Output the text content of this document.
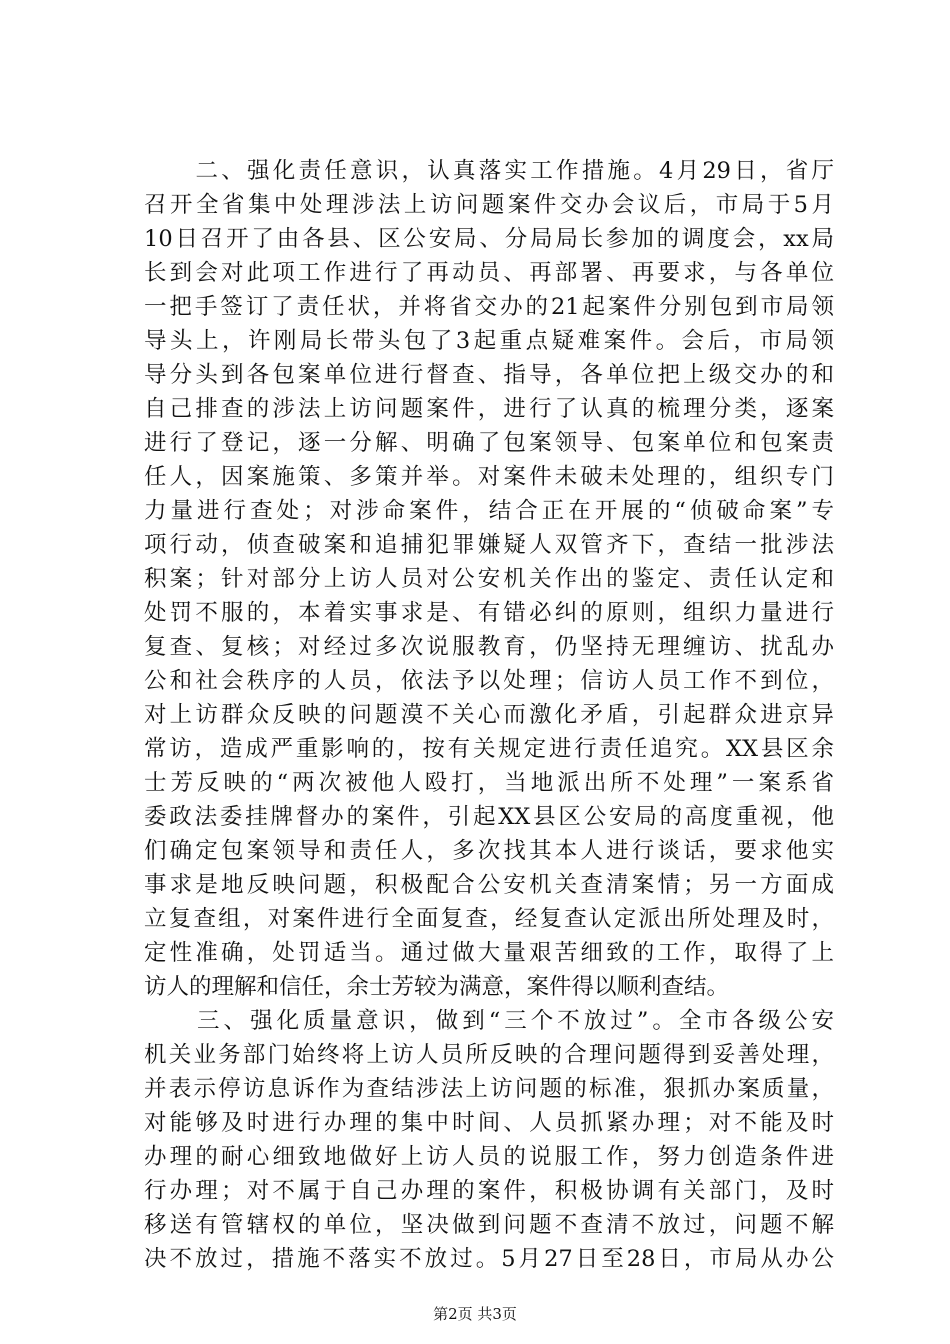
　　二、强化责任意识，认真落实工作措施。4月29日，省厅
召开全省集中处理涉法上访问题案件交办会议后，市局于5月
10日召开了由各县、区公安局、分局局长参加的调度会，xx局
长到会对此项工作进行了再动员、再部署、再要求，与各单位
一把手签订了责任状，并将省交办的21起案件分别包到市局领
导头上，许刚局长带头包了3起重点疑难案件。会后，市局领
导分头到各包案单位进行督查、指导，各单位把上级交办的和
自己排查的涉法上访问题案件，进行了认真的梳理分类，逐案
进行了登记，逐一分解、明确了包案领导、包案单位和包案责
任人，因案施策、多策并举。对案件未破未处理的，组织专门
力量进行查处；对涉命案件，结合正在开展的“侦破命案”专
项行动，侦查破案和追捕犯罪嫌疑人双管齐下，查结一批涉法
积案；针对部分上访人员对公安机关作出的鉴定、责任认定和
处罚不服的，本着实事求是、有错必纠的原则，组织力量进行
复查、复核；对经过多次说服教育，仍坚持无理缠访、扰乱办
公和社会秩序的人员，依法予以处理；信访人员工作不到位，
对上访群众反映的问题漠不关心而激化矛盾，引起群众进京异
常访，造成严重影响的，按有关规定进行责任追究。XX县区余
士芳反映的“两次被他人殴打，当地派出所不处理”一案系省
委政法委挂牌督办的案件，引起XX县区公安局的高度重视，他
们确定包案领导和责任人，多次找其本人进行谈话，要求他实
事求是地反映问题，积极配合公安机关查清案情；另一方面成
立复查组，对案件进行全面复查，经复查认定派出所处理及时，
定性准确，处罚适当。通过做大量艰苦细致的工作，取得了上
访人的理解和信任，余士芳较为满意，案件得以顺利查结。
　　三、强化质量意识，做到“三个不放过”。全市各级公安
机关业务部门始终将上访人员所反映的合理问题得到妥善处理，
并表示停访息诉作为查结涉法上访问题的标准，狠抓办案质量，
对能够及时进行办理的集中时间、人员抓紧办理；对不能及时
办理的耐心细致地做好上访人员的说服工作，努力创造条件进
行办理；对不属于自己办理的案件，积极协调有关部门，及时
移送有管辖权的单位，坚决做到问题不查清不放过，问题不解
决不放过，措施不落实不放过。5月27日至28日，市局从办公
第2页 共3页
